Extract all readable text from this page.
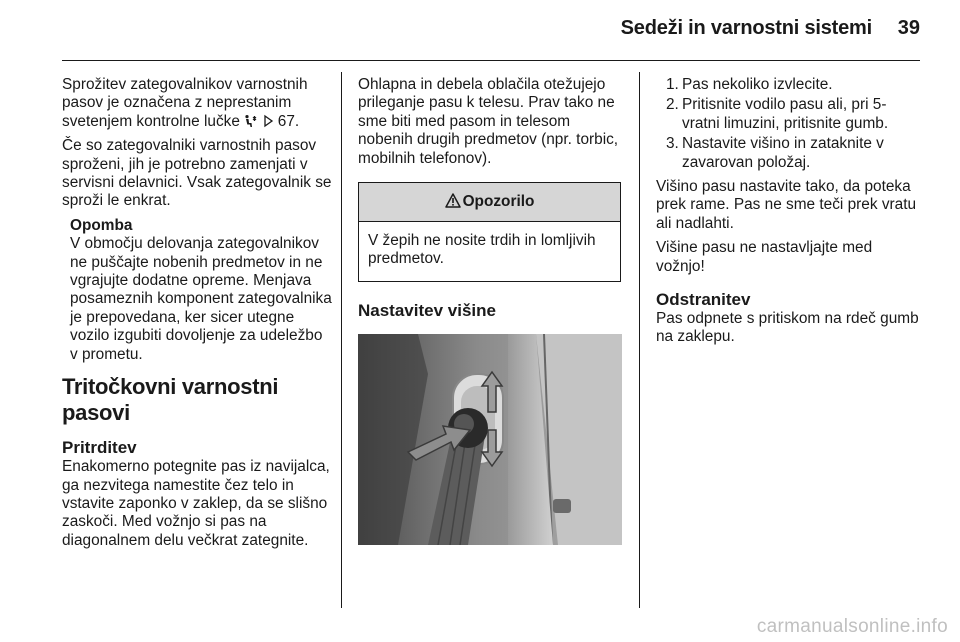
Sedeži in varnostni sistemi 39

Sprožitev zategovalnikov varnostnih pasov je označena z neprestanim svetenjem kontrolne lučke   67.

Če so zategovalniki varnostnih pasov sproženi, jih je potrebno zamenjati v servisni delavnici. Vsak zategovalnik se sproži le enkrat.

Opomba
V območju delovanja zategovalnikov ne puščajte nobenih predmetov in ne vgrajujte dodatne opreme. Menjava posameznih komponent zategovalnika je prepovedana, ker sicer utegne vozilo izgubiti dovoljenje za udeležbo v prometu.
Tritočkovni varnostni pasovi
Pritrditev

Enakomerno potegnite pas iz navijalca, ga nezvitega namestite čez telo in vstavite zaponko v zaklep, da se slišno zaskoči. Med vožnjo si pas na diagonalnem delu večkrat zategnite.

Ohlapna in debela oblačila otežujejo prileganje pasu k telesu. Prav tako ne sme biti med pasom in telesom nobenih drugih predmetov (npr. torbic, mobilnih telefonov).

Opozorilo
V žepih ne nosite trdih in lomljivih predmetov.
Nastavitev višine
1. Pas nekoliko izvlecite.
2. Pritisnite vodilo pasu ali, pri 5-vratni limuzini, pritisnite gumb.
3. Nastavite višino in zataknite v zavarovan položaj.

Višino pasu nastavite tako, da poteka prek rame. Pas ne sme teči prek vratu ali nadlahti.

Višine pasu ne nastavljajte med vožnjo!

Odstranitev

Pas odpnete s pritiskom na rdeč gumb na zaklepu.

carmanualsonline.info
